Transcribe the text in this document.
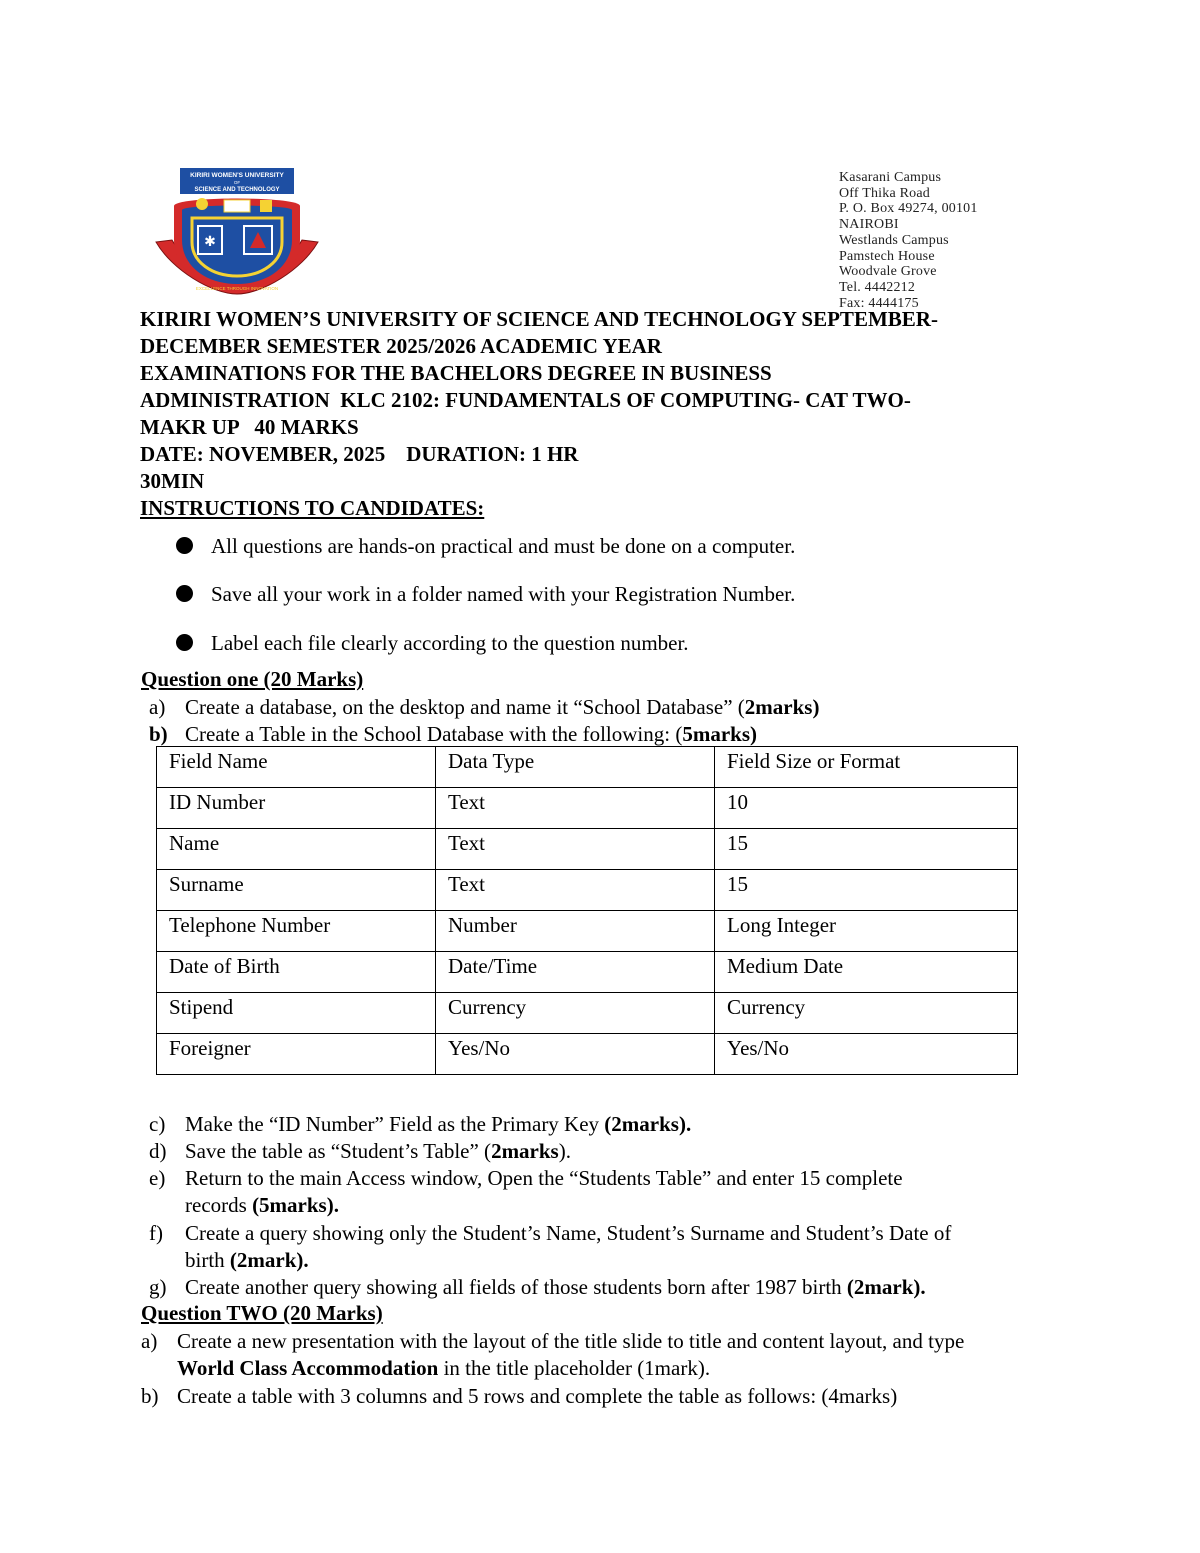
KIRIRI WOMEN'S UNIVERSITY
OF
SCIENCE AND TECHNOLOGY
✱
EXCELLENCE THROUGH INNOVATION
Kasarani Campus
Off Thika Road
P. O. Box 49274, 00101
NAIROBI
Westlands Campus
Pamstech House
Woodvale Grove
Tel. 4442212
Fax: 4444175
KIRIRI WOMEN’S UNIVERSITY OF SCIENCE AND TECHNOLOGY SEPTEMBER-
DECEMBER SEMESTER 2025/2026 ACADEMIC YEAR
EXAMINATIONS FOR THE BACHELORS DEGREE IN BUSINESS
ADMINISTRATION  KLC 2102: FUNDAMENTALS OF COMPUTING- CAT TWO-
MAKR UP   40 MARKS
DATE: NOVEMBER, 2025    DURATION: 1 HR
30MIN
INSTRUCTIONS TO CANDIDATES:
All questions are hands-on practical and must be done on a computer.
Save all your work in a folder named with your Registration Number.
Label each file clearly according to the question number.
Question one (20 Marks)
a) Create a database, on the desktop and name it “School Database” (2marks)
b) Create a Table in the School Database with the following: (5marks)
Field Name	Data Type	Field Size or Format
ID Number	Text	10
Name	Text	15
Surname	Text	15
Telephone Number	Number	Long Integer
Date of Birth	Date/Time	Medium Date
Stipend	Currency	Currency
Foreigner	Yes/No	Yes/No
c) Make the “ID Number” Field as the Primary Key (2marks).
d) Save the table as “Student’s Table” (2marks).
e) Return to the main Access window, Open the “Students Table” and enter 15 complete
records (5marks).
f) Create a query showing only the Student’s Name, Student’s Surname and Student’s Date of
birth (2mark).
g) Create another query showing all fields of those students born after 1987 birth (2mark).
Question TWO (20 Marks)
a) Create a new presentation with the layout of the title slide to title and content layout, and type
World Class Accommodation in the title placeholder (1mark).
b) Create a table with 3 columns and 5 rows and complete the table as follows: (4marks)
